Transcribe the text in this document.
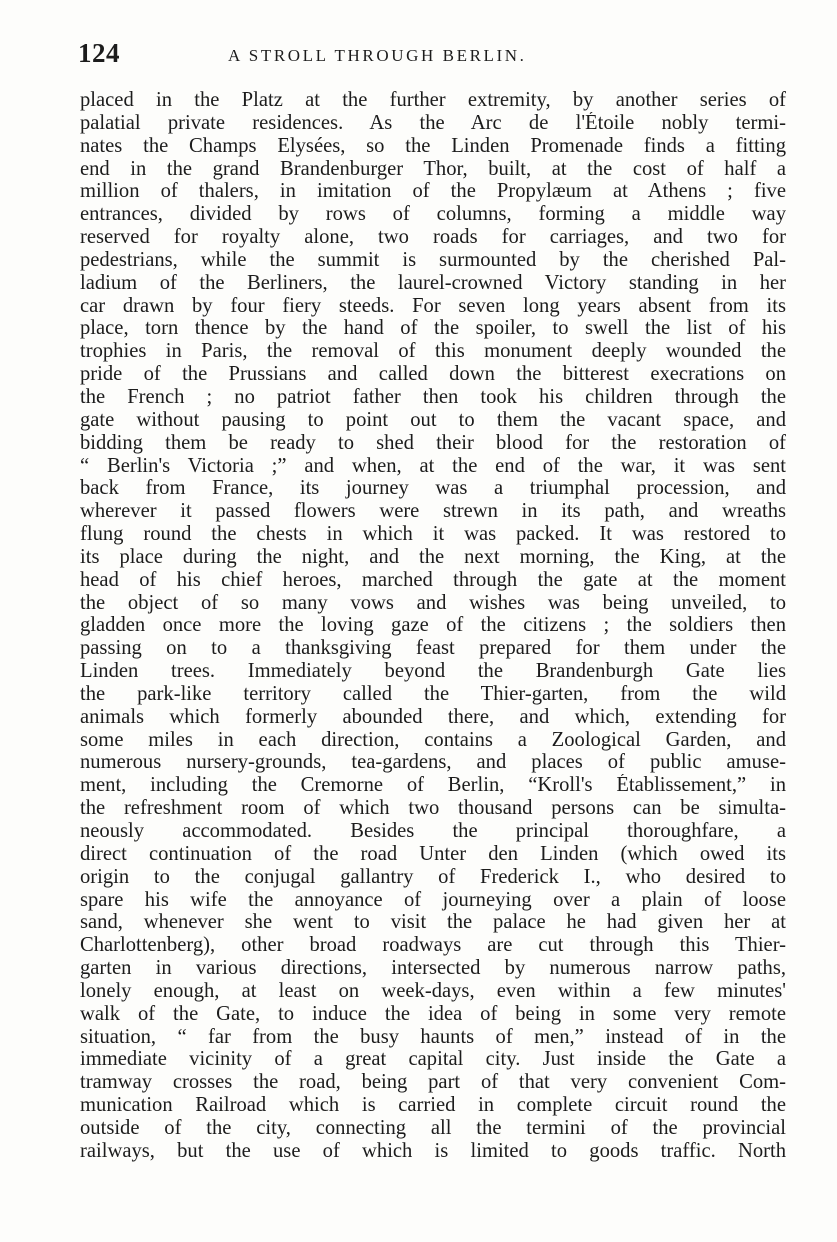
124	A STROLL THROUGH BERLIN.
placed in the Platz at the further extremity, by another series of
palatial private residences. As the Arc de l'Étoile nobly termi-
nates the Champs Elysées, so the Linden Promenade finds a fitting
end in the grand Brandenburger Thor, built, at the cost of half a
million of thalers, in imitation of the Propylæum at Athens ; five
entrances, divided by rows of columns, forming a middle way
reserved for royalty alone, two roads for carriages, and two for
pedestrians, while the summit is surmounted by the cherished Pal-
ladium of the Berliners, the laurel-crowned Victory standing in her
car drawn by four fiery steeds. For seven long years absent from its
place, torn thence by the hand of the spoiler, to swell the list of his
trophies in Paris, the removal of this monument deeply wounded the
pride of the Prussians and called down the bitterest execrations on
the French ; no patriot father then took his children through the
gate without pausing to point out to them the vacant space, and
bidding them be ready to shed their blood for the restoration of
“ Berlin's Victoria ;” and when, at the end of the war, it was sent
back from France, its journey was a triumphal procession, and
wherever it passed flowers were strewn in its path, and wreaths
flung round the chests in which it was packed. It was restored to
its place during the night, and the next morning, the King, at the
head of his chief heroes, marched through the gate at the moment
the object of so many vows and wishes was being unveiled, to
gladden once more the loving gaze of the citizens ; the soldiers then
passing on to a thanksgiving feast prepared for them under the
Linden trees. Immediately beyond the Brandenburgh Gate lies
the park-like territory called the Thier-garten, from the wild
animals which formerly abounded there, and which, extending for
some miles in each direction, contains a Zoological Garden, and
numerous nursery-grounds, tea-gardens, and places of public amuse-
ment, including the Cremorne of Berlin, “Kroll's Établissement,” in
the refreshment room of which two thousand persons can be simulta-
neously accommodated. Besides the principal thoroughfare, a
direct continuation of the road Unter den Linden (which owed its
origin to the conjugal gallantry of Frederick I., who desired to
spare his wife the annoyance of journeying over a plain of loose
sand, whenever she went to visit the palace he had given her at
Charlottenberg), other broad roadways are cut through this Thier-
garten in various directions, intersected by numerous narrow paths,
lonely enough, at least on week-days, even within a few minutes'
walk of the Gate, to induce the idea of being in some very remote
situation, “ far from the busy haunts of men,” instead of in the
immediate vicinity of a great capital city. Just inside the Gate a
tramway crosses the road, being part of that very convenient Com-
munication Railroad which is carried in complete circuit round the
outside of the city, connecting all the termini of the provincial
railways, but the use of which is limited to goods traffic. North
